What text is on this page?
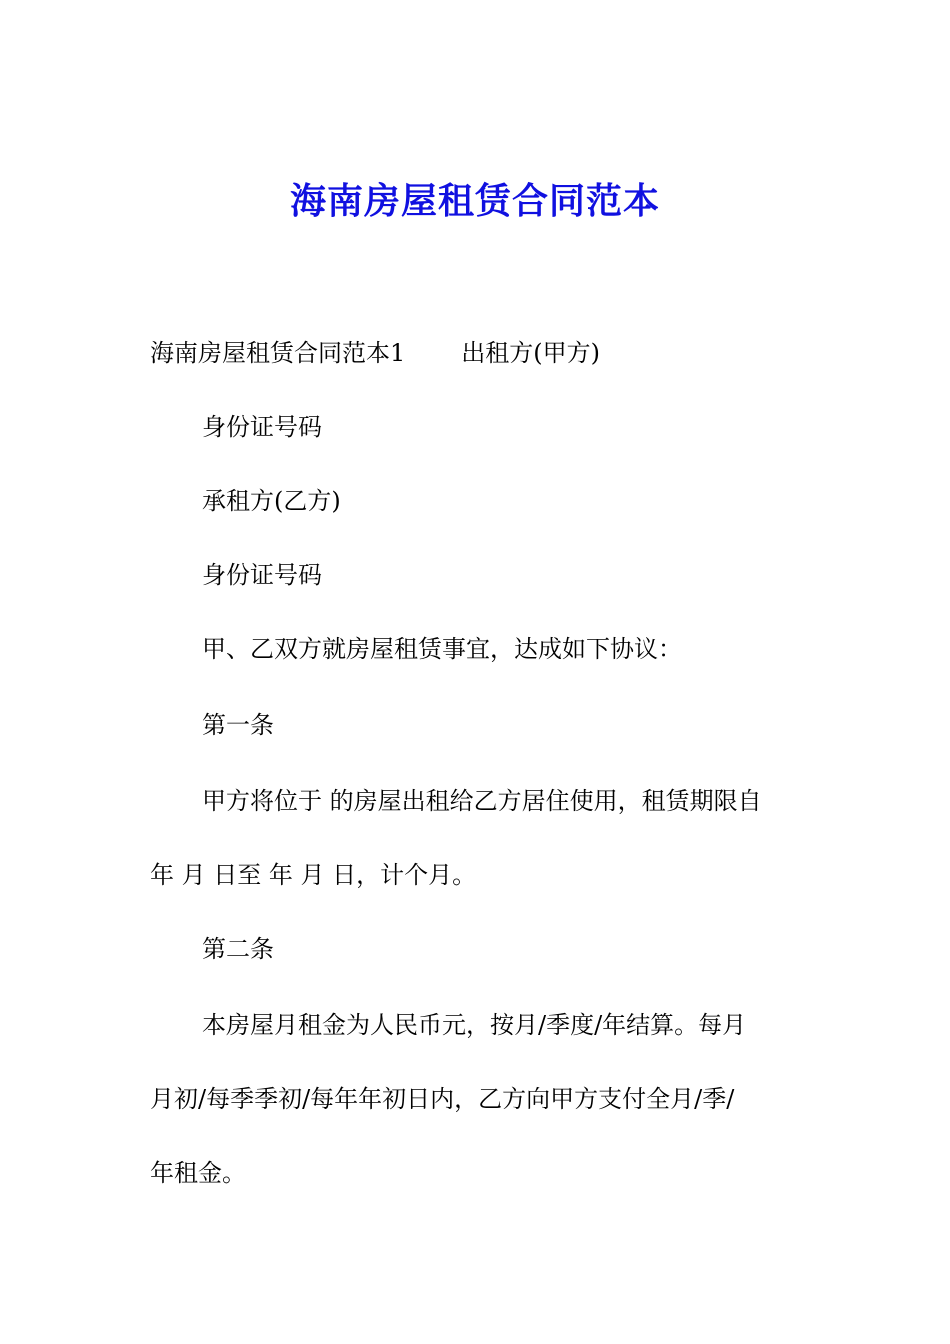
海南房屋租赁合同范本
海南房屋租赁合同范本1 出租方(甲方)
身份证号码
承租方(乙方)
身份证号码
甲、乙双方就房屋租赁事宜，达成如下协议：
第一条
甲方将位于 的房屋出租给乙方居住使用，租赁期限自
年 月 日至 年 月 日，计个月。
第二条
本房屋月租金为人民币元，按月/季度/年结算。每月
月初/每季季初/每年年初日内，乙方向甲方支付全月/季/
年租金。
